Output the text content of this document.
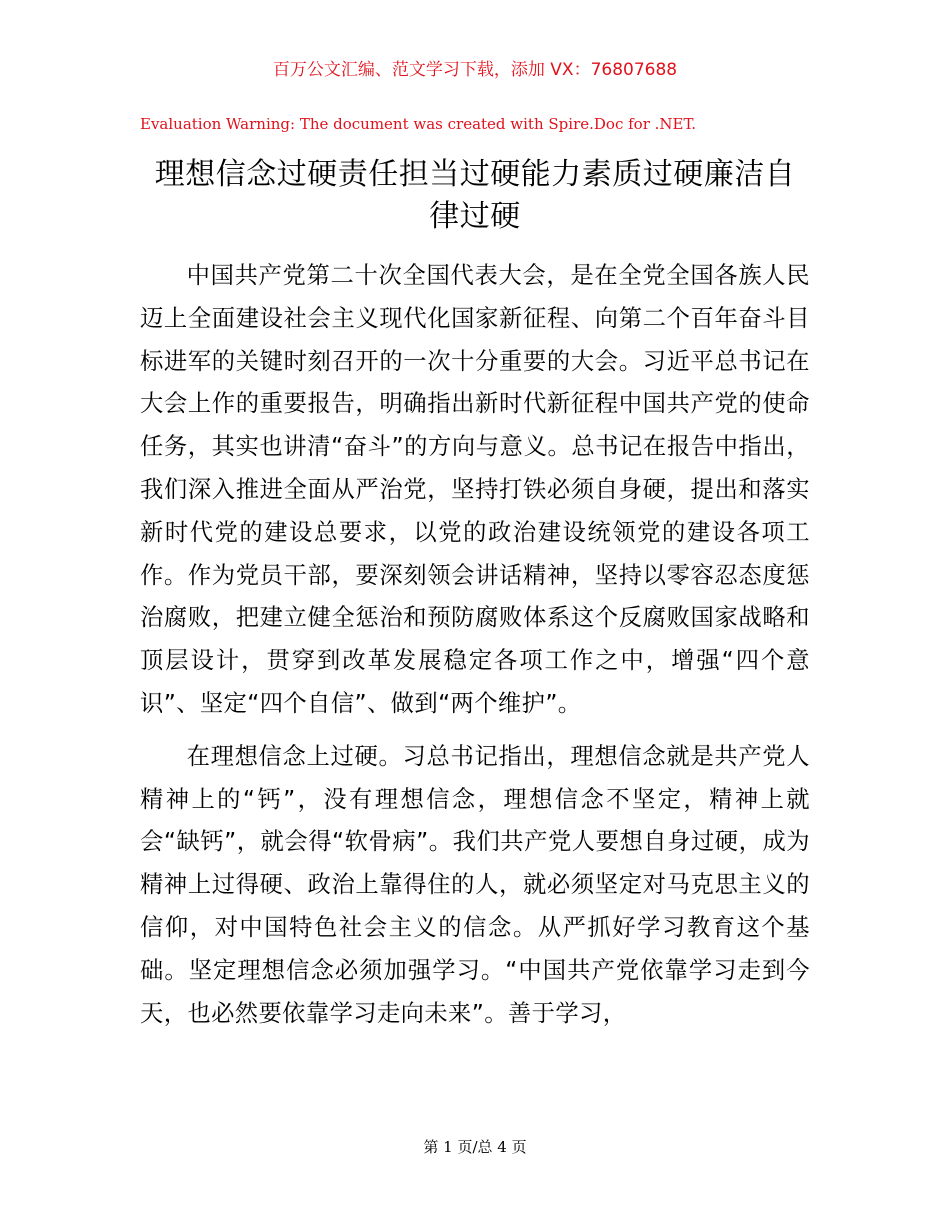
百万公文汇编、范文学习下载，添加 VX：76807688
Evaluation Warning: The document was created with Spire.Doc for .NET.
理想信念过硬责任担当过硬能力素质过硬廉洁自律过硬

中国共产党第二十次全国代表大会，是在全党全国各族人民迈上全面建设社会主义现代化国家新征程、向第二个百年奋斗目标进军的关键时刻召开的一次十分重要的大会。习近平总书记在大会上作的重要报告，明确指出新时代新征程中国共产党的使命任务，其实也讲清“奋斗”的方向与意义。总书记在报告中指出，我们深入推进全面从严治党，坚持打铁必须自身硬，提出和落实新时代党的建设总要求，以党的政治建设统领党的建设各项工作。作为党员干部，要深刻领会讲话精神，坚持以零容忍态度惩治腐败，把建立健全惩治和预防腐败体系这个反腐败国家战略和顶层设计，贯穿到改革发展稳定各项工作之中，增强“四个意识”、坚定“四个自信”、做到“两个维护”。

在理想信念上过硬。习总书记指出，理想信念就是共产党人精神上的“钙”，没有理想信念，理想信念不坚定，精神上就会“缺钙”，就会得“软骨病”。我们共产党人要想自身过硬，成为精神上过得硬、政治上靠得住的人，就必须坚定对马克思主义的信仰，对中国特色社会主义的信念。从严抓好学习教育这个基础。坚定理想信念必须加强学习。“中国共产党依靠学习走到今天，也必然要依靠学习走向未来”。善于学习，

第 1 页/总 4 页
